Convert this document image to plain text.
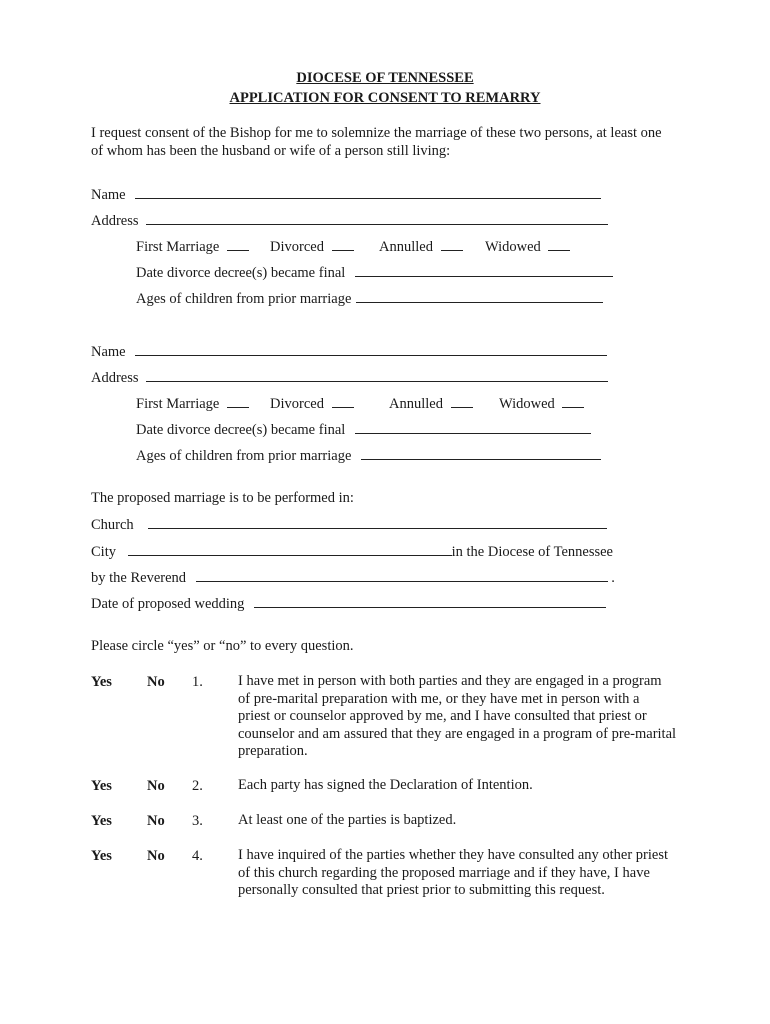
DIOCESE OF TENNESSEE
APPLICATION FOR CONSENT TO REMARRY
I request consent of the Bishop for me to solemnize the marriage of these two persons, at least one
of whom has been the husband or wife of a person still living:
Name
Address
First Marriage	Divorced	Annulled	Widowed
Date divorce decree(s) became final
Ages of children from prior marriage
Name
Address
First Marriage	Divorced	Annulled	Widowed
Date divorce decree(s) became final
Ages of children from prior marriage
The proposed marriage is to be performed in:
Church
City	in the Diocese of Tennessee
by the Reverend	.
Date of proposed wedding
Please circle “yes” or “no” to every question.
Yes No 1. I have met in person with both parties and they are engaged in a program
of pre-marital preparation with me, or they have met in person with a
priest or counselor approved by me, and I have consulted that priest or
counselor and am assured that they are engaged in a program of pre-marital
preparation.
Yes No 2. Each party has signed the Declaration of Intention.
Yes No 3. At least one of the parties is baptized.
Yes No 4. I have inquired of the parties whether they have consulted any other priest
of this church regarding the proposed marriage and if they have, I have
personally consulted that priest prior to submitting this request.
